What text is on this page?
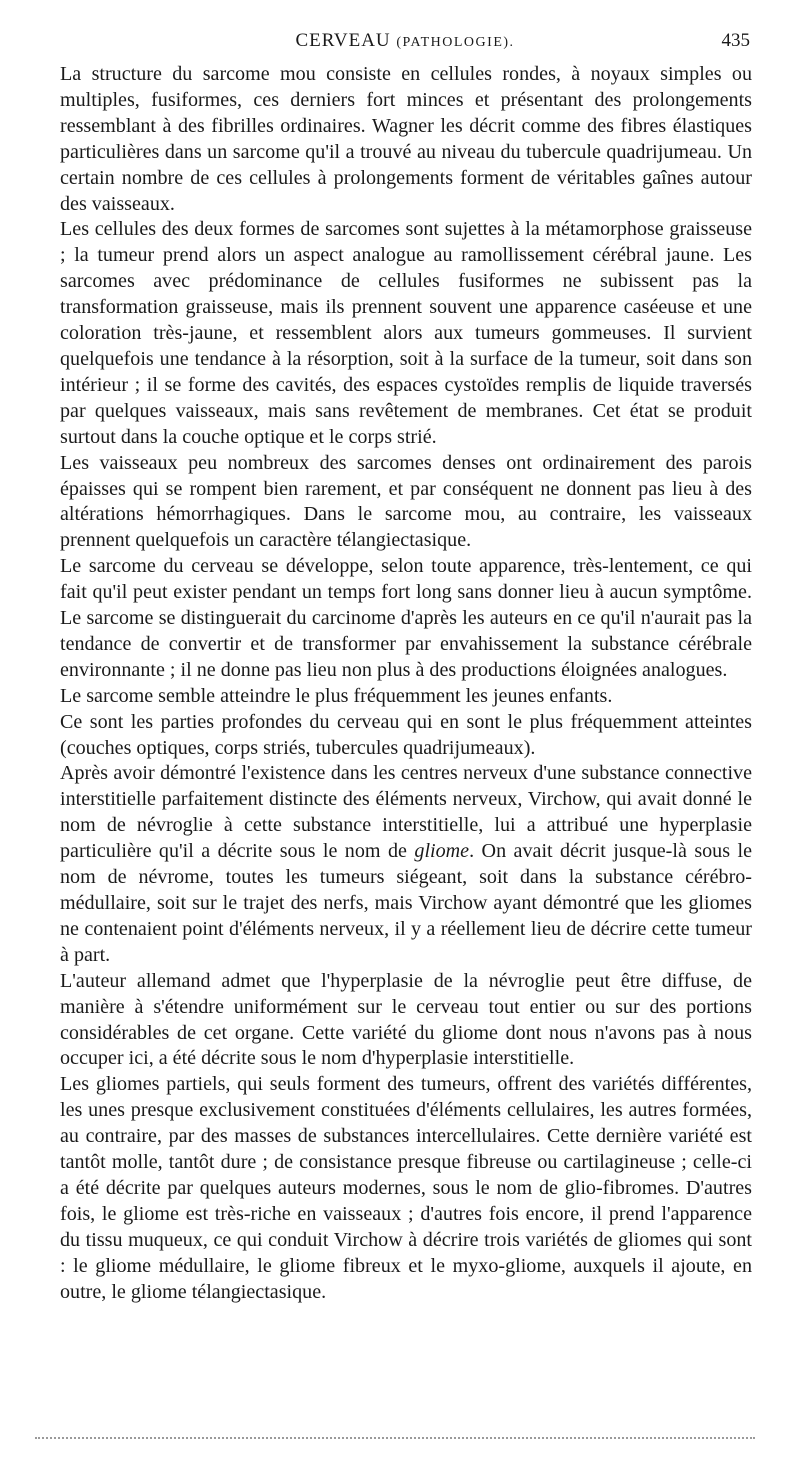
CERVEAU (PATHOLOGIE).	435

La structure du sarcome mou consiste en cellules rondes, à noyaux simples ou multiples, fusiformes, ces derniers fort minces et présentant des prolongements ressemblant à des fibrilles ordinaires. Wagner les décrit comme des fibres élastiques particulières dans un sarcome qu'il a trouvé au niveau du tubercule quadrijumeau. Un certain nombre de ces cellules à prolongements forment de véritables gaînes autour des vaisseaux.

Les cellules des deux formes de sarcomes sont sujettes à la métamorphose graisseuse ; la tumeur prend alors un aspect analogue au ramollissement cérébral jaune. Les sarcomes avec prédominance de cellules fusiformes ne subissent pas la transformation graisseuse, mais ils prennent souvent une apparence caséeuse et une coloration très-jaune, et ressemblent alors aux tumeurs gommeuses. Il survient quelquefois une tendance à la résorption, soit à la surface de la tumeur, soit dans son intérieur ; il se forme des cavités, des espaces cystoïdes remplis de liquide traversés par quelques vaisseaux, mais sans revêtement de membranes. Cet état se produit surtout dans la couche optique et le corps strié.

Les vaisseaux peu nombreux des sarcomes denses ont ordinairement des parois épaisses qui se rompent bien rarement, et par conséquent ne donnent pas lieu à des altérations hémorrhagiques. Dans le sarcome mou, au contraire, les vaisseaux prennent quelquefois un caractère télangiectasique.

Le sarcome du cerveau se développe, selon toute apparence, très-lentement, ce qui fait qu'il peut exister pendant un temps fort long sans donner lieu à aucun symptôme. Le sarcome se distinguerait du carcinome d'après les auteurs en ce qu'il n'aurait pas la tendance de convertir et de transformer par envahissement la substance cérébrale environnante ; il ne donne pas lieu non plus à des productions éloignées analogues.

Le sarcome semble atteindre le plus fréquemment les jeunes enfants.

Ce sont les parties profondes du cerveau qui en sont le plus fréquemment atteintes (couches optiques, corps striés, tubercules quadrijumeaux).

Après avoir démontré l'existence dans les centres nerveux d'une substance connective interstitielle parfaitement distincte des éléments nerveux, Virchow, qui avait donné le nom de névroglie à cette substance interstitielle, lui a attribué une hyperplasie particulière qu'il a décrite sous le nom de gliome. On avait décrit jusque-là sous le nom de névrome, toutes les tumeurs siégeant, soit dans la substance cérébro-médullaire, soit sur le trajet des nerfs, mais Virchow ayant démontré que les gliomes ne contenaient point d'éléments nerveux, il y a réellement lieu de décrire cette tumeur à part.

L'auteur allemand admet que l'hyperplasie de la névroglie peut être diffuse, de manière à s'étendre uniformément sur le cerveau tout entier ou sur des portions considérables de cet organe. Cette variété du gliome dont nous n'avons pas à nous occuper ici, a été décrite sous le nom d'hyperplasie interstitielle.

Les gliomes partiels, qui seuls forment des tumeurs, offrent des variétés différentes, les unes presque exclusivement constituées d'éléments cellulaires, les autres formées, au contraire, par des masses de substances intercellulaires. Cette dernière variété est tantôt molle, tantôt dure ; de consistance presque fibreuse ou cartilagineuse ; celle-ci a été décrite par quelques auteurs modernes, sous le nom de glio-fibromes. D'autres fois, le gliome est très-riche en vaisseaux ; d'autres fois encore, il prend l'apparence du tissu muqueux, ce qui conduit Virchow à décrire trois variétés de gliomes qui sont : le gliome médullaire, le gliome fibreux et le myxo-gliome, auxquels il ajoute, en outre, le gliome télangiectasique.
